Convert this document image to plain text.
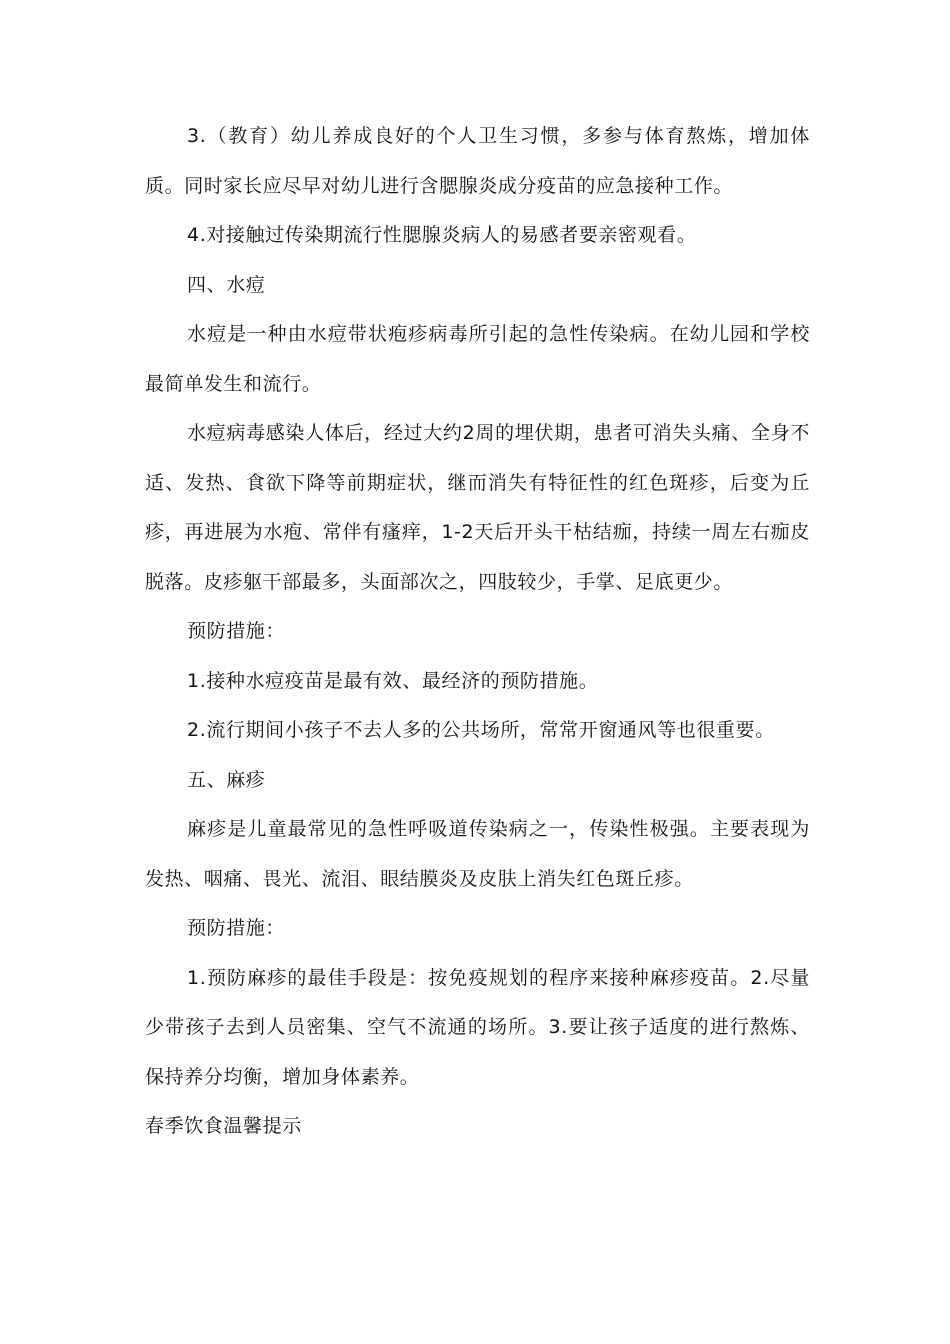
3.（教育）幼儿养成良好的个人卫生习惯，多参与体育熬炼，增加体质。同时家长应尽早对幼儿进行含腮腺炎成分疫苗的应急接种工作。

4.对接触过传染期流行性腮腺炎病人的易感者要亲密观看。

四、水痘

水痘是一种由水痘带状疱疹病毒所引起的急性传染病。在幼儿园和学校最简单发生和流行。

水痘病毒感染人体后，经过大约2周的埋伏期，患者可消失头痛、全身不适、发热、食欲下降等前期症状，继而消失有特征性的红色斑疹，后变为丘疹，再进展为水疱、常伴有瘙痒，1-2天后开头干枯结痂，持续一周左右痂皮脱落。皮疹躯干部最多，头面部次之，四肢较少，手掌、足底更少。

预防措施：

1.接种水痘疫苗是最有效、最经济的预防措施。

2.流行期间小孩子不去人多的公共场所，常常开窗通风等也很重要。

五、麻疹

麻疹是儿童最常见的急性呼吸道传染病之一，传染性极强。主要表现为发热、咽痛、畏光、流泪、眼结膜炎及皮肤上消失红色斑丘疹。

预防措施：

1.预防麻疹的最佳手段是：按免疫规划的程序来接种麻疹疫苗。2.尽量少带孩子去到人员密集、空气不流通的场所。3.要让孩子适度的进行熬炼、保持养分均衡，增加身体素养。

春季饮食温馨提示
